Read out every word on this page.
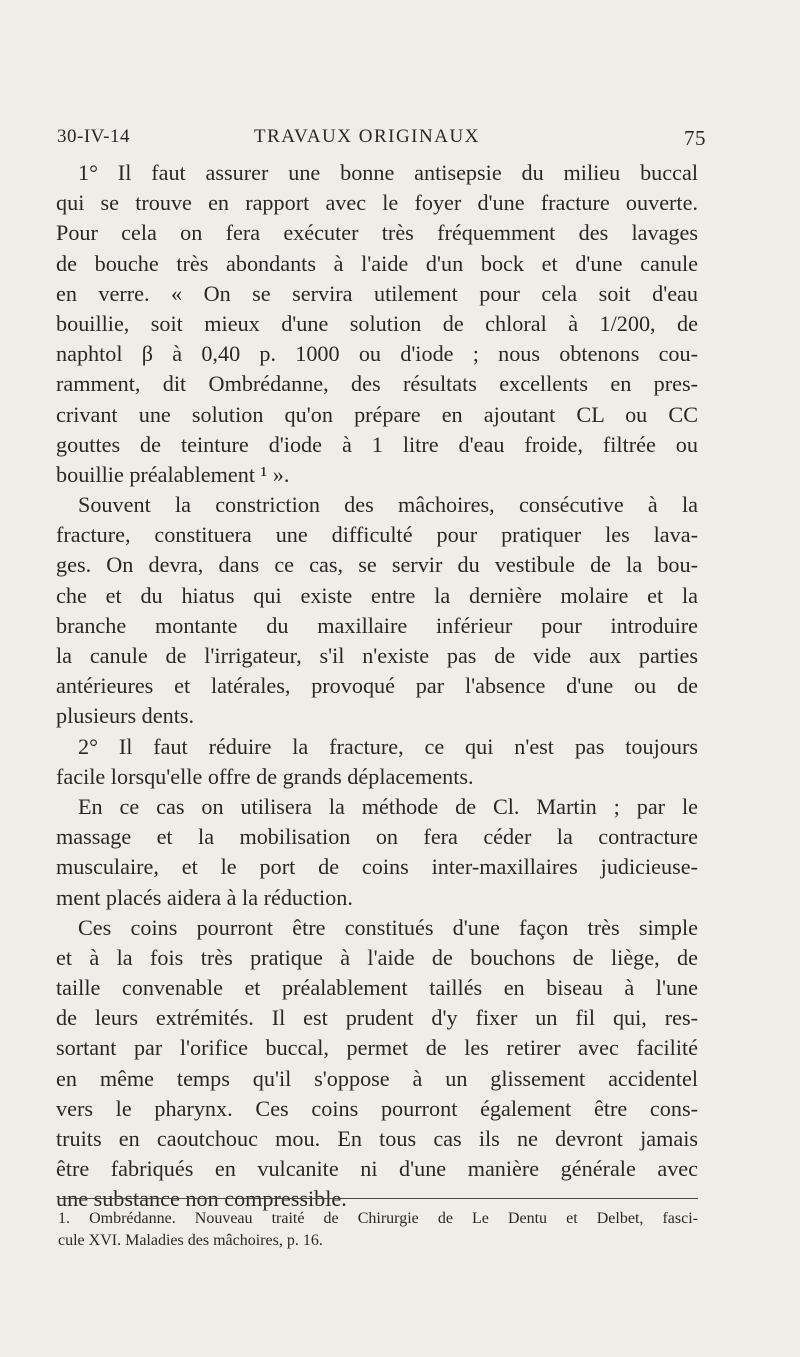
30-IV-14	TRAVAUX ORIGINAUX	75
1° Il faut assurer une bonne antisepsie du milieu buccal
qui se trouve en rapport avec le foyer d'une fracture ouverte.
Pour cela on fera exécuter très fréquemment des lavages
de bouche très abondants à l'aide d'un bock et d'une canule
en verre. « On se servira utilement pour cela soit d'eau
bouillie, soit mieux d'une solution de chloral à 1/200, de
naphtol β à 0,40 p. 1000 ou d'iode ; nous obtenons cou-
ramment, dit Ombrédanne, des résultats excellents en pres-
crivant une solution qu'on prépare en ajoutant CL ou CC
gouttes de teinture d'iode à 1 litre d'eau froide, filtrée ou
bouillie préalablement ¹ ».
Souvent la constriction des mâchoires, consécutive à la
fracture, constituera une difficulté pour pratiquer les lava-
ges. On devra, dans ce cas, se servir du vestibule de la bou-
che et du hiatus qui existe entre la dernière molaire et la
branche montante du maxillaire inférieur pour introduire
la canule de l'irrigateur, s'il n'existe pas de vide aux parties
antérieures et latérales, provoqué par l'absence d'une ou de
plusieurs dents.
2° Il faut réduire la fracture, ce qui n'est pas toujours
facile lorsqu'elle offre de grands déplacements.
En ce cas on utilisera la méthode de Cl. Martin ; par le
massage et la mobilisation on fera céder la contracture
musculaire, et le port de coins inter-maxillaires judicieuse-
ment placés aidera à la réduction.
Ces coins pourront être constitués d'une façon très simple
et à la fois très pratique à l'aide de bouchons de liège, de
taille convenable et préalablement taillés en biseau à l'une
de leurs extrémités. Il est prudent d'y fixer un fil qui, res-
sortant par l'orifice buccal, permet de les retirer avec facilité
en même temps qu'il s'oppose à un glissement accidentel
vers le pharynx. Ces coins pourront également être cons-
truits en caoutchouc mou. En tous cas ils ne devront jamais
être fabriqués en vulcanite ni d'une manière générale avec
une substance non compressible.
1. Ombrédanne. Nouveau traité de Chirurgie de Le Dentu et Delbet, fasci-
cule XVI. Maladies des mâchoires, p. 16.
